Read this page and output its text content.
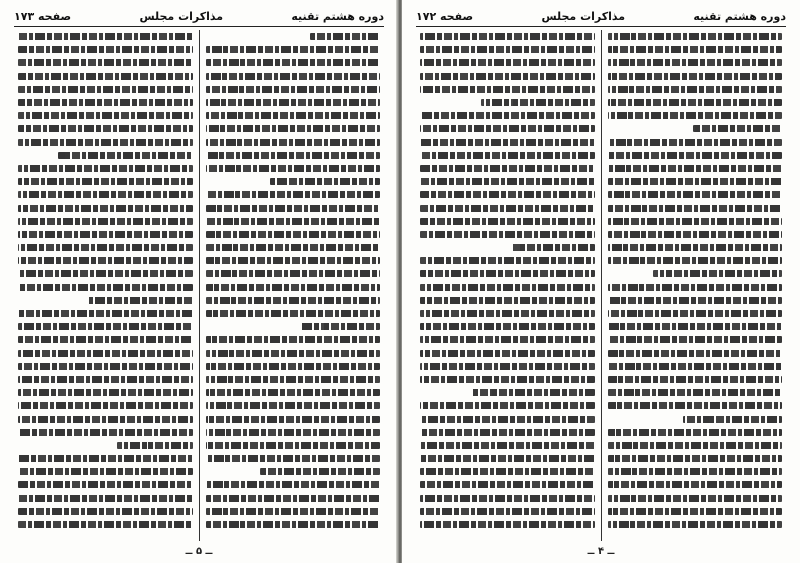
دوره هشتم تقنیه
مذاکرات مجلس
صفحه ۱۷۳
ــ ۵ ــ
دوره هشتم تقنیه
مذاکرات مجلس
صفحه ۱۷۲
ــ ۴ ــ
